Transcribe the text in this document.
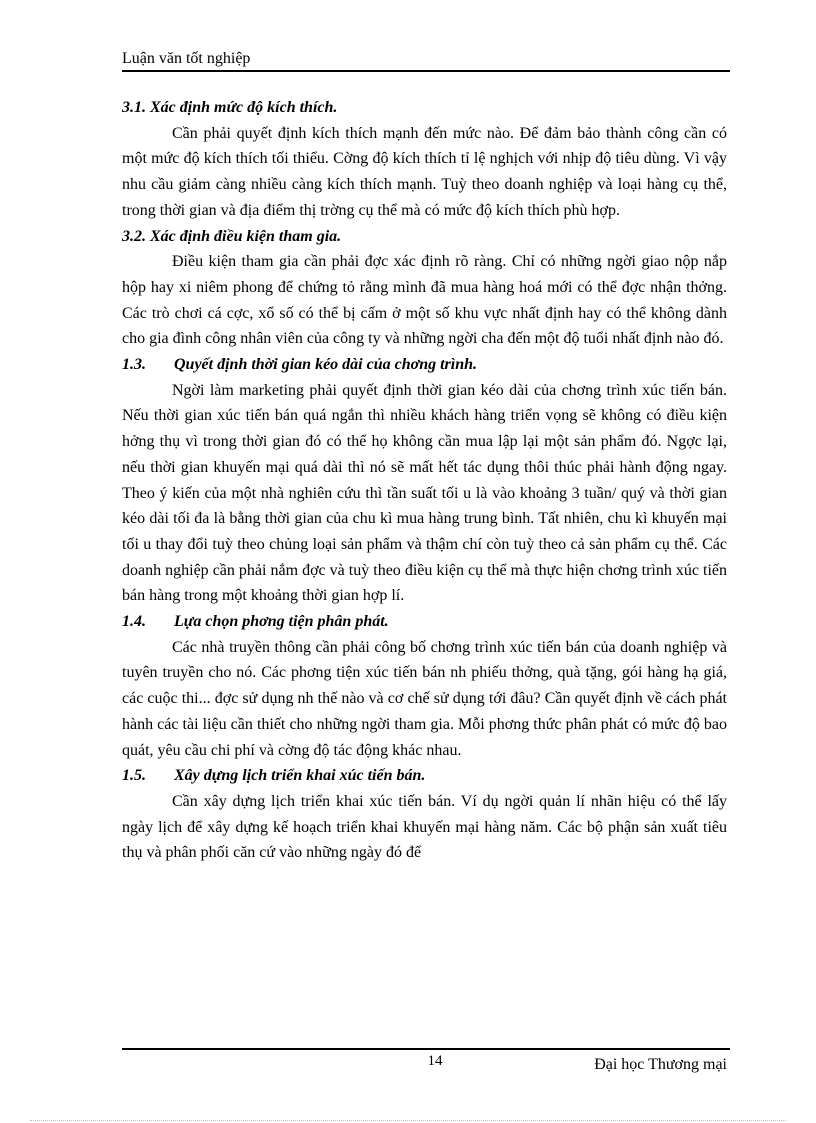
Luận văn tốt nghiệp
3.1. Xác định mức độ kích thích.

Cần phải quyết định kích thích mạnh đến mức nào. Để đảm bảo thành công cần có một mức độ kích thích tối thiểu. Cờng độ kích thích tỉ lệ nghịch với nhịp độ tiêu dùng. Vì vậy nhu cầu giảm càng nhiều càng kích thích mạnh. Tuỳ theo doanh nghiệp và loại hàng cụ thể, trong thời gian và địa điểm thị trờng cụ thể mà có mức độ kích thích phù hợp.

3.2. Xác định điều kiện tham gia.

Điều kiện tham gia cần phải đợc xác định rõ ràng. Chỉ có những ngời giao nộp nắp hộp hay xi niêm phong để chứng tỏ rằng mình đã mua hàng hoá mới có thể đợc nhận thởng. Các trò chơi cá cợc, xổ số có thể bị cấm ở một số khu vực nhất định hay có thể không dành cho gia đình công nhân viên của công ty và những ngời cha đến một độ tuổi nhất định nào đó.

1.3. Quyết định thời gian kéo dài của chơng trình.

Ngời làm marketing phải quyết định thời gian kéo dài của chơng trình xúc tiến bán. Nếu thời gian xúc tiến bán quá ngắn thì nhiều khách hàng triển vọng sẽ không có điều kiện hởng thụ vì trong thời gian đó có thể họ không cần mua lập lại một sản phẩm đó. Ngợc lại, nếu thời gian khuyến mại quá dài thì nó sẽ mất hết tác dụng thôi thúc phải hành động ngay. Theo ý kiến của một nhà nghiên cứu thì tần suất tối u là vào khoảng 3 tuần/ quý và thời gian kéo dài tối đa là bằng thời gian của chu kì mua hàng trung bình. Tất nhiên, chu kì khuyến mại tối u thay đổi tuỳ theo chủng loại sản phẩm và thậm chí còn tuỳ theo cả sản phẩm cụ thể. Các doanh nghiệp cần phải nắm đợc và tuỳ theo điều kiện cụ thể mà thực hiện chơng trình xúc tiến bán hàng trong một khoảng thời gian hợp lí.

1.4. Lựa chọn phơng tiện phân phát.

Các nhà truyền thông cần phải công bố chơng trình xúc tiến bán của doanh nghiệp và tuyên truyền cho nó. Các phơng tiện xúc tiến bán nh phiếu thởng, quà tặng, gói hàng hạ giá, các cuộc thi... đợc sử dụng nh thế nào và cơ chế sử dụng tới đâu? Cần quyết định về cách phát hành các tài liệu cần thiết cho những ngời tham gia. Mỗi phơng thức phân phát có mức độ bao quát, yêu cầu chi phí và cờng độ tác động khác nhau.

1.5. Xây dựng lịch triển khai xúc tiến bán.

Cần xây dựng lịch triển khai xúc tiến bán. Ví dụ ngời quản lí nhãn hiệu có thể lấy ngày lịch để xây dựng kế hoạch triển khai khuyến mại hàng năm. Các bộ phận sản xuất tiêu thụ và phân phối căn cứ vào những ngày đó để

14	Đại học Thương mại
